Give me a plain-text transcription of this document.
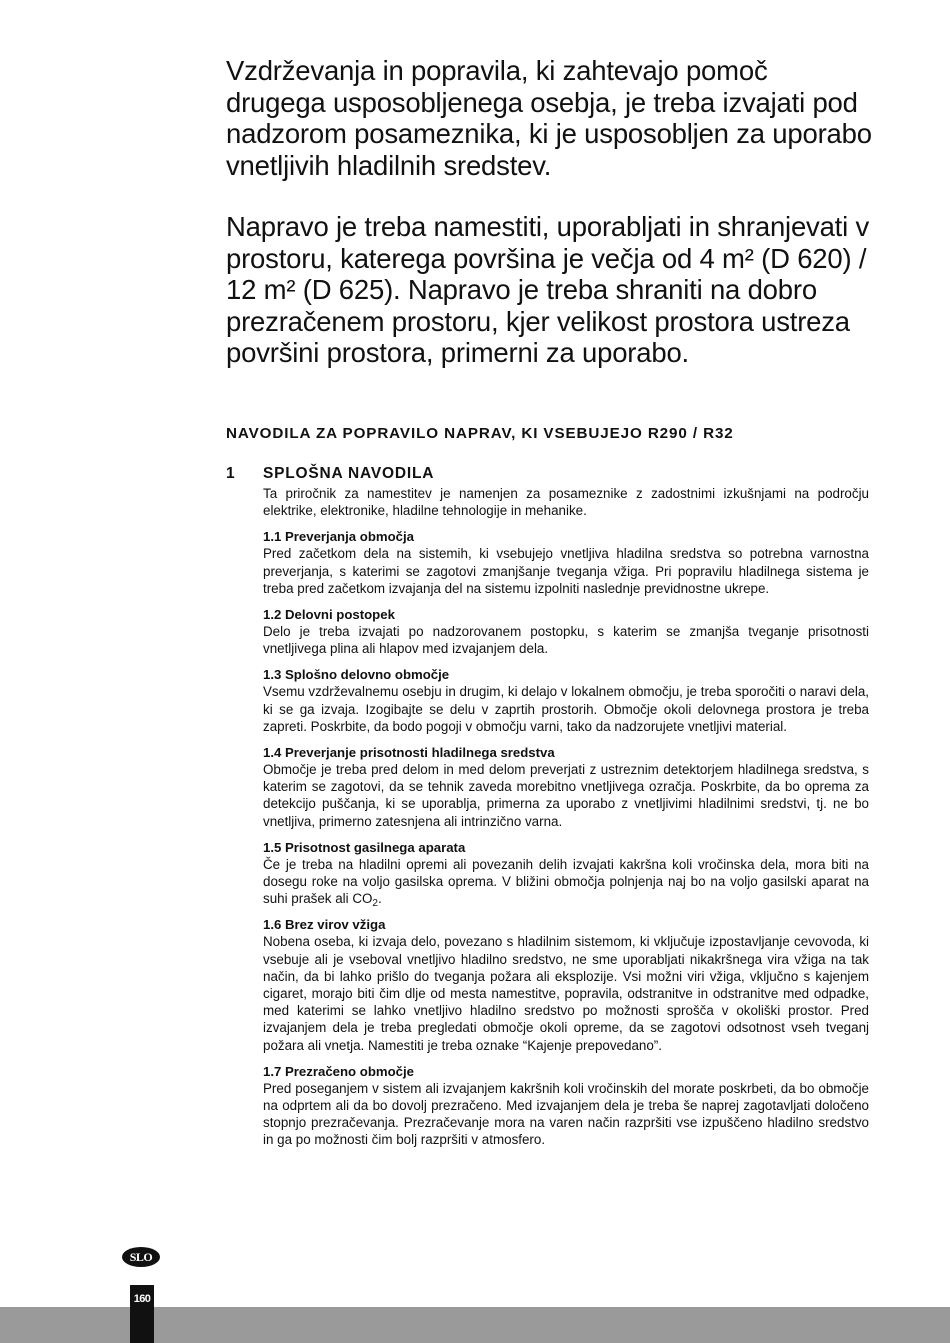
Vzdrževanja in popravila, ki zahtevajo pomoč drugega usposobljenega osebja, je treba izvajati pod nadzorom posameznika, ki je usposobljen za uporabo vnetljivih hladilnih sredstev.

Napravo je treba namestiti, uporabljati in shranjevati v prostoru, katerega površina je večja od 4 m² (D 620) / 12 m² (D 625). Napravo je treba shraniti na dobro prezračenem prostoru, kjer velikost prostora ustreza površini prostora, primerni za uporabo.

NAVODILA ZA POPRAVILO NAPRAV, KI VSEBUJEJO R290 / R32
1 SPLOŠNA NAVODILA

Ta priročnik za namestitev je namenjen za posameznike z zadostnimi izkušnjami na področju elektrike, elektronike, hladilne tehnologije in mehanike.

1.1 Preverjanja območja

Pred začetkom dela na sistemih, ki vsebujejo vnetljiva hladilna sredstva so potrebna varnostna preverjanja, s katerimi se zagotovi zmanjšanje tveganja vžiga. Pri popravilu hladilnega sistema je treba pred začetkom izvajanja del na sistemu izpolniti naslednje previdnostne ukrepe.

1.2 Delovni postopek

Delo je treba izvajati po nadzorovanem postopku, s katerim se zmanjša tveganje prisotnosti vnetljivega plina ali hlapov med izvajanjem dela.

1.3 Splošno delovno območje

Vsemu vzdrževalnemu osebju in drugim, ki delajo v lokalnem območju, je treba sporočiti o naravi dela, ki se ga izvaja. Izogibajte se delu v zaprtih prostorih. Območje okoli delovnega prostora je treba zapreti. Poskrbite, da bodo pogoji v območju varni, tako da nadzorujete vnetljivi material.

1.4 Preverjanje prisotnosti hladilnega sredstva

Območje je treba pred delom in med delom preverjati z ustreznim detektorjem hladilnega sredstva, s katerim se zagotovi, da se tehnik zaveda morebitno vnetljivega ozračja. Poskrbite, da bo oprema za detekcijo puščanja, ki se uporablja, primerna za uporabo z vnetljivimi hladilnimi sredstvi, tj. ne bo vnetljiva, primerno zatesnjena ali intrinzično varna.

1.5 Prisotnost gasilnega aparata

Če je treba na hladilni opremi ali povezanih delih izvajati kakršna koli vročinska dela, mora biti na dosegu roke na voljo gasilska oprema. V bližini območja polnjenja naj bo na voljo gasilski aparat na suhi prašek ali $CO_2$.

1.6 Brez virov vžiga

Nobena oseba, ki izvaja delo, povezano s hladilnim sistemom, ki vključuje izpostavljanje cevovoda, ki vsebuje ali je vseboval vnetljivo hladilno sredstvo, ne sme uporabljati nikakršnega vira vžiga na tak način, da bi lahko prišlo do tveganja požara ali eksplozije. Vsi možni viri vžiga, vključno s kajenjem cigaret, morajo biti čim dlje od mesta namestitve, popravila, odstranitve in odstranitve med odpadke, med katerimi se lahko vnetljivo hladilno sredstvo po možnosti sprošča v okoliški prostor. Pred izvajanjem dela je treba pregledati območje okoli opreme, da se zagotovi odsotnost vseh tveganj požara ali vnetja. Namestiti je treba oznake “Kajenje prepovedano”.

1.7 Prezračeno območje

Pred poseganjem v sistem ali izvajanjem kakršnih koli vročinskih del morate poskrbeti, da bo območje na odprtem ali da bo dovolj prezračeno. Med izvajanjem dela je treba še naprej zagotavljati določeno stopnjo prezračevanja. Prezračevanje mora na varen način razpršiti vse izpuščeno hladilno sredstvo in ga po možnosti čim bolj razpršiti v atmosfero.

SLO
160
